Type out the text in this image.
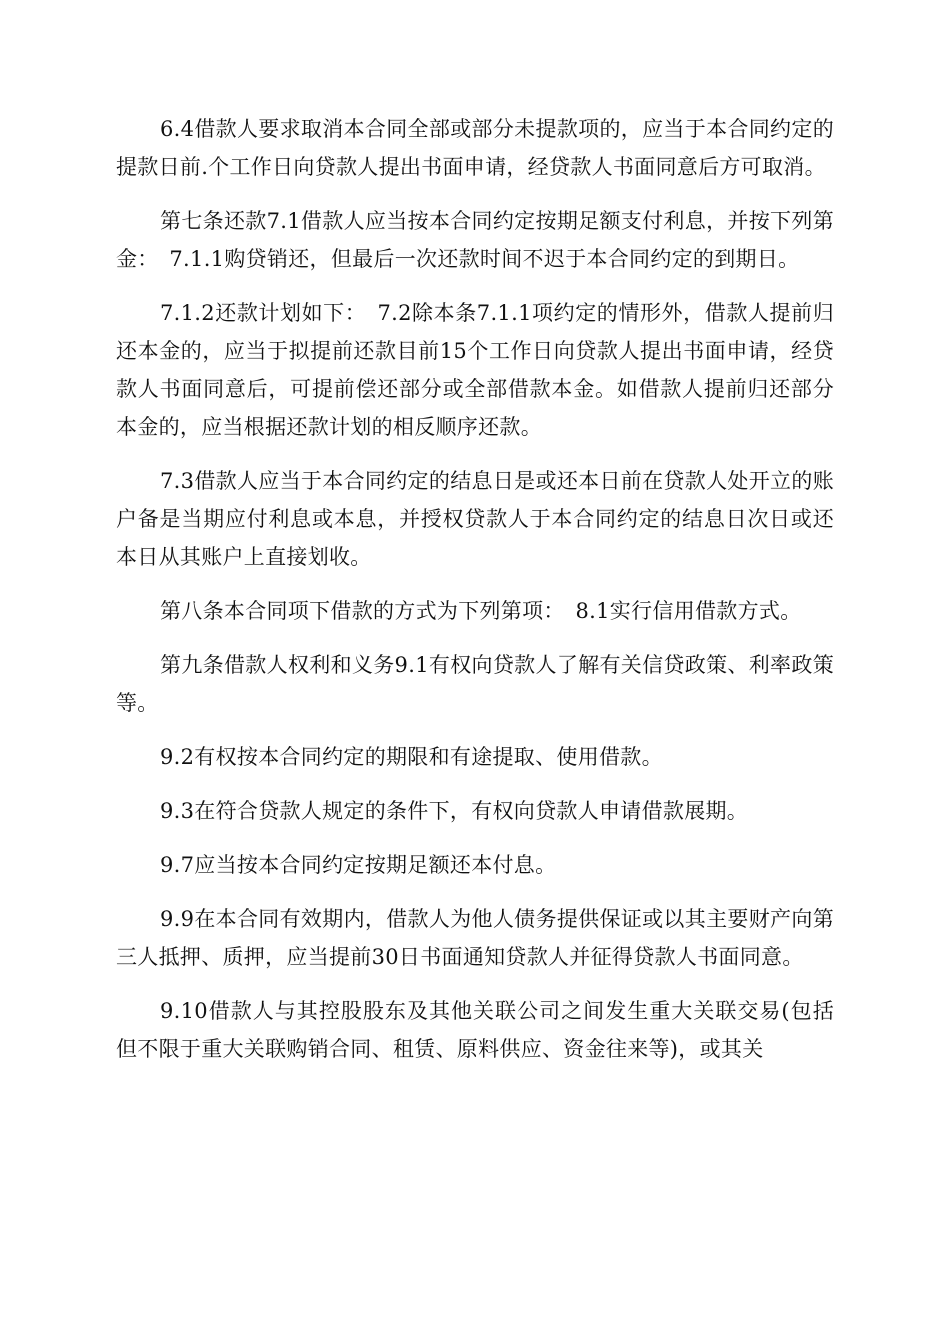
6.4借款人要求取消本合同全部或部分未提款项的，应当于本合同约定的提款日前.个工作日向贷款人提出书面申请，经贷款人书面同意后方可取消。

第七条还款7.1借款人应当按本合同约定按期足额支付利息，并按下列第金：　7.1.1购贷销还，但最后一次还款时间不迟于本合同约定的到期日。

7.1.2还款计划如下：　7.2除本条7.1.1项约定的情形外，借款人提前归还本金的，应当于拟提前还款目前15个工作日向贷款人提出书面申请，经贷款人书面同意后，可提前偿还部分或全部借款本金。如借款人提前归还部分本金的，应当根据还款计划的相反顺序还款。

7.3借款人应当于本合同约定的结息日是或还本日前在贷款人处开立的账户备是当期应付利息或本息，并授权贷款人于本合同约定的结息日次日或还本日从其账户上直接划收。

第八条本合同项下借款的方式为下列第项：　8.1实行信用借款方式。

第九条借款人权利和义务9.1有权向贷款人了解有关信贷政策、利率政策等。

9.2有权按本合同约定的期限和有途提取、使用借款。

9.3在符合贷款人规定的条件下，有权向贷款人申请借款展期。

9.7应当按本合同约定按期足额还本付息。

9.9在本合同有效期内，借款人为他人债务提供保证或以其主要财产向第三人抵押、质押，应当提前30日书面通知贷款人并征得贷款人书面同意。

9.10借款人与其控股股东及其他关联公司之间发生重大关联交易(包括但不限于重大关联购销合同、租赁、原料供应、资金往来等)，或其关
